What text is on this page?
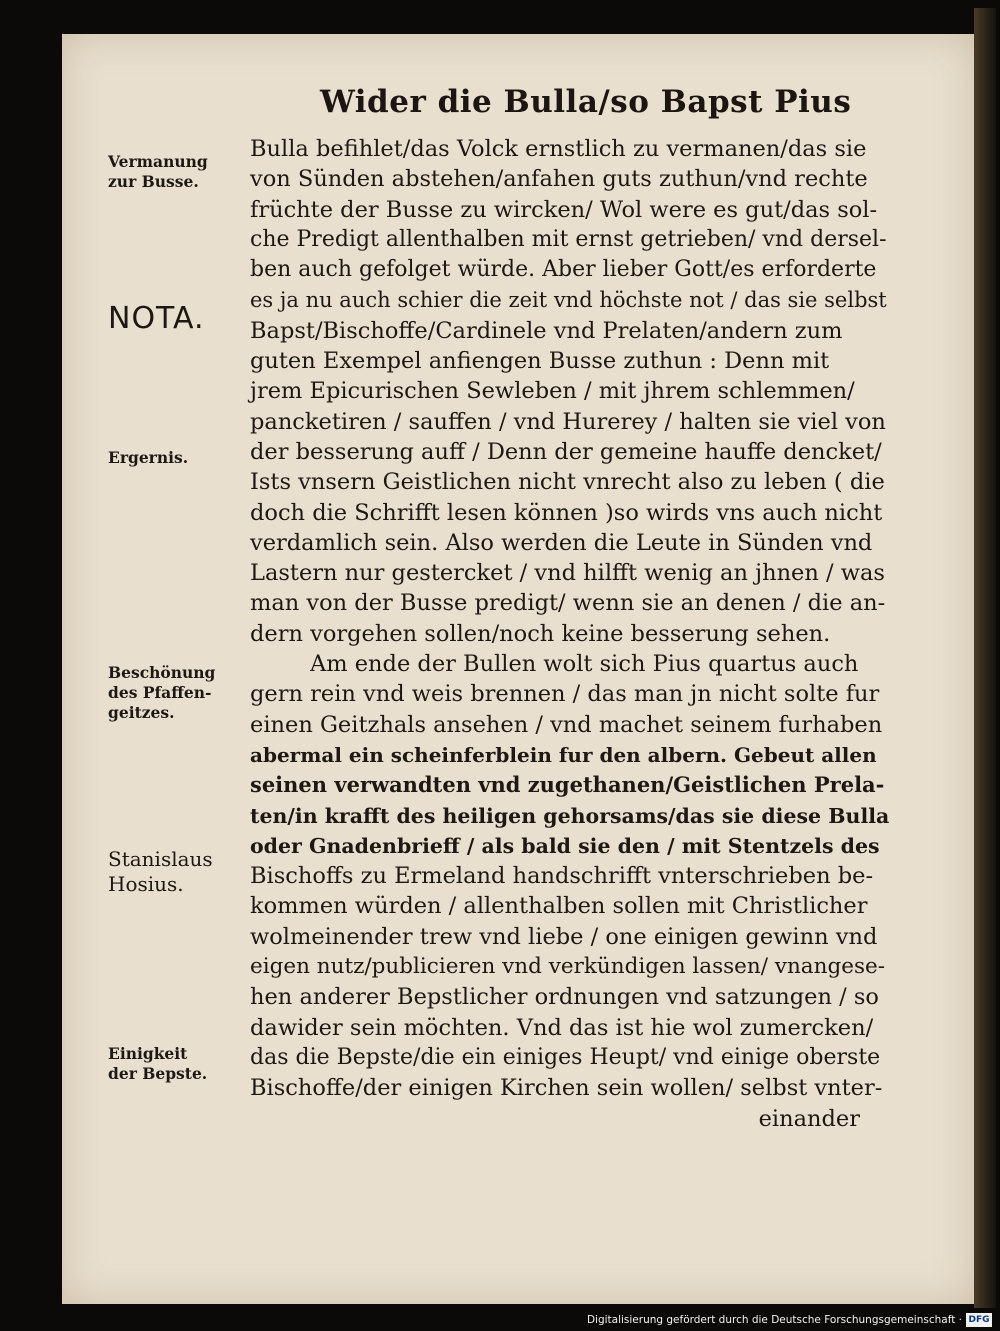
Wider die Bulla/so Bapst Pius
Vermanung
zur Busse.
NOTA.
Ergernis.
Beschönung
des Pfaffen-
geitzes.
Stanislaus
Hosius.
Einigkeit
der Bepste.
Bulla befihlet/das Volck ernstlich zu vermanen/das sie
von Sünden abstehen/anfahen guts zuthun/vnd rechte
früchte der Busse zu wircken/ Wol were es gut/das sol-
che Predigt allenthalben mit ernst getrieben/ vnd dersel-
ben auch gefolget würde. Aber lieber Gott/es erforderte
es ja nu auch schier die zeit vnd höchste not / das sie selbst
Bapst/Bischoffe/Cardinele vnd Prelaten/andern zum
guten Exempel anfiengen Busse zuthun : Denn mit
jrem Epicurischen Sewleben / mit jhrem schlemmen/
pancketiren / sauffen / vnd Hurerey / halten sie viel von
der besserung auff / Denn der gemeine hauffe dencket/
Ists vnsern Geistlichen nicht vnrecht also zu leben ( die
doch die Schrifft lesen können )so wirds vns auch nicht
verdamlich sein. Also werden die Leute in Sünden vnd
Lastern nur gestercket / vnd hilfft wenig an jhnen / was
man von der Busse predigt/ wenn sie an denen / die an-
dern vorgehen sollen/noch keine besserung sehen.
Am ende der Bullen wolt sich Pius quartus auch
gern rein vnd weis brennen / das man jn nicht solte fur
einen Geitzhals ansehen / vnd machet seinem furhaben
abermal ein scheinferblein fur den albern. Gebeut allen
seinen verwandten vnd zugethanen/Geistlichen Prela-
ten/in krafft des heiligen gehorsams/das sie diese Bulla
oder Gnadenbrieff / als bald sie den / mit Stentzels des
Bischoffs zu Ermeland handschrifft vnterschrieben be-
kommen würden / allenthalben sollen mit Christlicher
wolmeinender trew vnd liebe / one einigen gewinn vnd
eigen nutz/publicieren vnd verkündigen lassen/ vnangese-
hen anderer Bepstlicher ordnungen vnd satzungen / so
dawider sein möchten. Vnd das ist hie wol zumercken/
das die Bepste/die ein einiges Heupt/ vnd einige oberste
Bischoffe/der einigen Kirchen sein wollen/ selbst vnter-
einander
Digitalisierung gefördert durch die Deutsche Forschungsgemeinschaft · DFG
